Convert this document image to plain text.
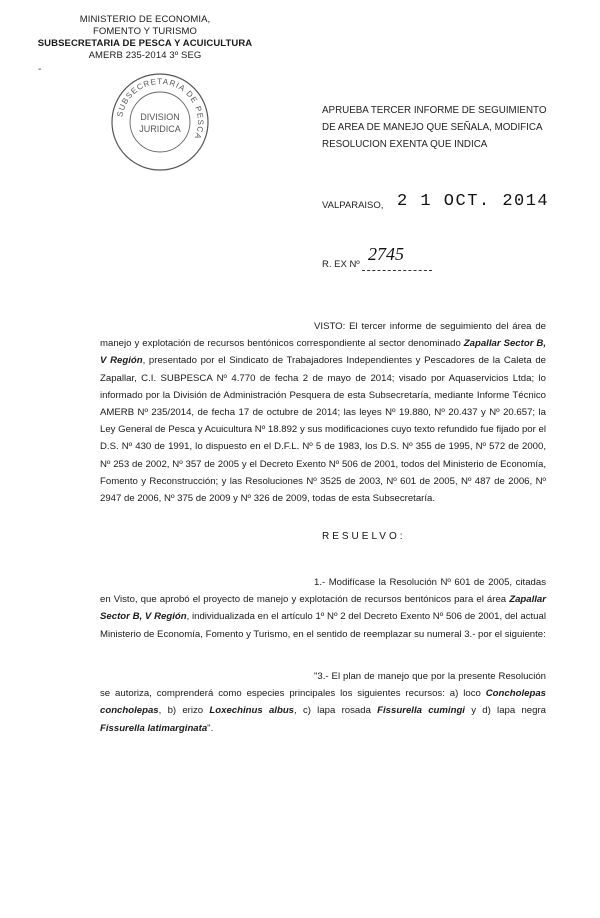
MINISTERIO DE ECONOMIA,
FOMENTO Y TURISMO
SUBSECRETARIA DE PESCA Y ACUICULTURA
AMERB 235-2014 3º SEG
-
SUBSECRETARIA DE PESCA
DIVISION
JURIDICA
APRUEBA TERCER INFORME DE SEGUIMIENTO DE AREA DE MANEJO QUE SEÑALA, MODIFICA RESOLUCION EXENTA QUE INDICA
VALPARAISO, 2 1 OCT. 2014
R. EX Nº
2745
VISTO: El tercer informe de seguimiento del área de manejo y explotación de recursos bentónicos correspondiente al sector denominado Zapallar Sector B, V Región, presentado por el Sindicato de Trabajadores Independientes y Pescadores de la Caleta de Zapallar, C.I. SUBPESCA Nº 4.770 de fecha 2 de mayo de 2014; visado por Aquaservicios Ltda; lo informado por la División de Administración Pesquera de esta Subsecretaría, mediante Informe Técnico AMERB Nº 235/2014, de fecha 17 de octubre de 2014; las leyes Nº 19.880, Nº 20.437 y Nº 20.657; la Ley General de Pesca y Acuicultura Nº 18.892 y sus modificaciones cuyo texto refundido fue fijado por el D.S. Nº 430 de 1991, lo dispuesto en el D.F.L. Nº 5 de 1983, los D.S. Nº 355 de 1995, Nº 572 de 2000, Nº 253 de 2002, Nº 357 de 2005 y el Decreto Exento Nº 506 de 2001, todos del Ministerio de Economía, Fomento y Reconstrucción; y las Resoluciones Nº 3525 de 2003, Nº 601 de 2005, Nº 487 de 2006, Nº 2947 de 2006, Nº 375 de 2009 y Nº 326 de 2009, todas de esta Subsecretaría.
RESUELVO:
1.- Modifícase la Resolución Nº 601 de 2005, citadas en Visto, que aprobó el proyecto de manejo y explotación de recursos bentónicos para el área Zapallar Sector B, V Región, individualizada en el artículo 1º Nº 2 del Decreto Exento Nº 506 de 2001, del actual Ministerio de Economía, Fomento y Turismo, en el sentido de reemplazar su numeral 3.- por el siguiente:
"3.- El plan de manejo que por la presente Resolución se autoriza, comprenderá como especies principales los siguientes recursos: a) loco Concholepas concholepas, b) erizo Loxechinus albus, c) lapa rosada Fissurella cumingi y d) lapa negra Fissurella latimarginata".
